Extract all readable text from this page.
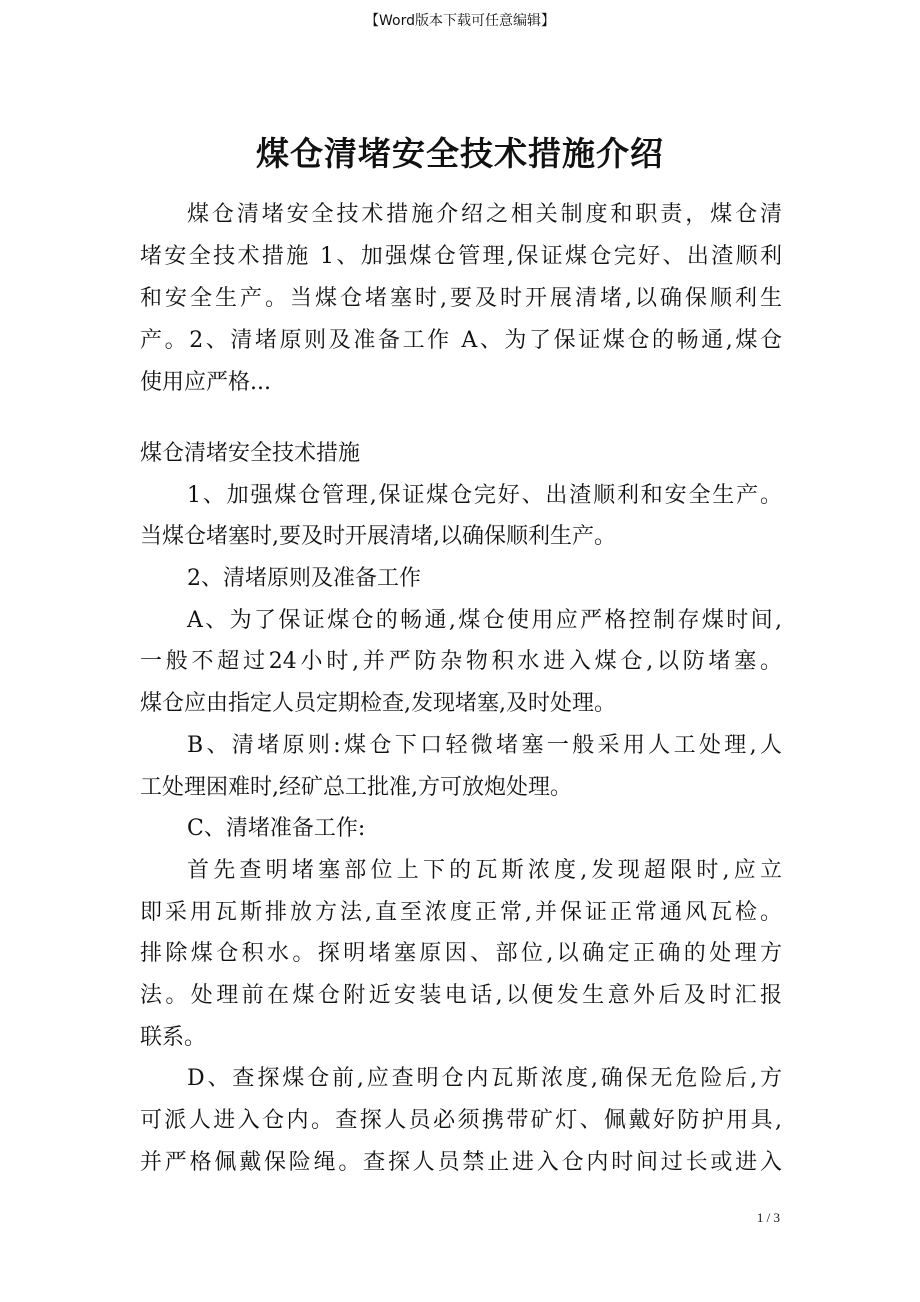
【Word版本下载可任意编辑】
煤仓清堵安全技术措施介绍
煤仓清堵安全技术措施介绍之相关制度和职责，煤仓清
堵安全技术措施 1、加强煤仓管理,保证煤仓完好、出渣顺利
和安全生产。当煤仓堵塞时,要及时开展清堵,以确保顺利生
产。2、清堵原则及准备工作 A、为了保证煤仓的畅通,煤仓
使用应严格...
煤仓清堵安全技术措施
1、加强煤仓管理,保证煤仓完好、出渣顺利和安全生产。
当煤仓堵塞时,要及时开展清堵,以确保顺利生产。
2、清堵原则及准备工作
A、为了保证煤仓的畅通,煤仓使用应严格控制存煤时间,
一般不超过24小时,并严防杂物积水进入煤仓,以防堵塞。
煤仓应由指定人员定期检查,发现堵塞,及时处理。
B、清堵原则:煤仓下口轻微堵塞一般采用人工处理,人
工处理困难时,经矿总工批准,方可放炮处理。
C、清堵准备工作:
首先查明堵塞部位上下的瓦斯浓度,发现超限时,应立
即采用瓦斯排放方法,直至浓度正常,并保证正常通风瓦检。
排除煤仓积水。探明堵塞原因、部位,以确定正确的处理方
法。处理前在煤仓附近安装电话,以便发生意外后及时汇报
联系。
D、查探煤仓前,应查明仓内瓦斯浓度,确保无危险后,方
可派人进入仓内。查探人员必须携带矿灯、佩戴好防护用具,
并严格佩戴保险绳。查探人员禁止进入仓内时间过长或进入
1 / 3
